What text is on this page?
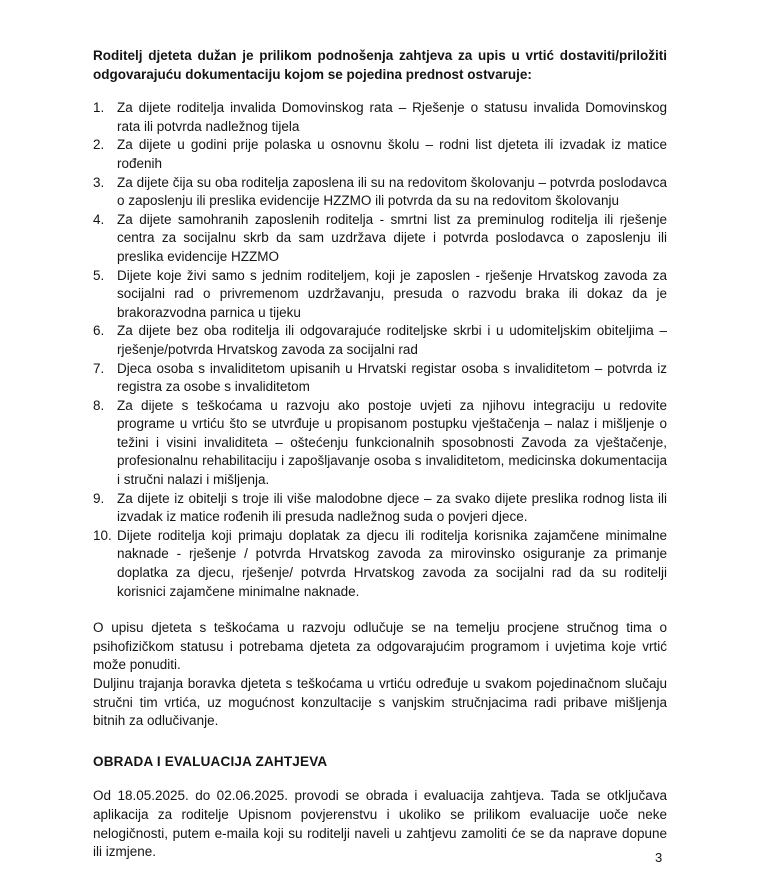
Roditelj djeteta dužan je prilikom podnošenja zahtjeva za upis u vrtić dostaviti/priložiti odgovarajuću dokumentaciju kojom se pojedina prednost ostvaruje:

1. Za dijete roditelja invalida Domovinskog rata – Rješenje o statusu invalida Domovinskog rata ili potvrda nadležnog tijela
2. Za dijete u godini prije polaska u osnovnu školu – rodni list djeteta ili izvadak iz matice rođenih
3. Za dijete čija su oba roditelja zaposlena ili su na redovitom školovanju – potvrda poslodavca o zaposlenju ili preslika evidencije HZZMO ili potvrda da su na redovitom školovanju
4. Za dijete samohranih zaposlenih roditelja - smrtni list za preminulog roditelja ili rješenje centra za socijalnu skrb da sam uzdržava dijete i potvrda poslodavca o zaposlenju ili preslika evidencije HZZMO
5. Dijete koje živi samo s jednim roditeljem, koji je zaposlen - rješenje Hrvatskog zavoda za socijalni rad o privremenom uzdržavanju, presuda o razvodu braka ili dokaz da je brakorazvodna parnica u tijeku
6. Za dijete bez oba roditelja ili odgovarajuće roditeljske skrbi i u udomiteljskim obiteljima – rješenje/potvrda Hrvatskog zavoda za socijalni rad
7. Djeca osoba s invaliditetom upisanih u Hrvatski registar osoba s invaliditetom – potvrda iz registra za osobe s invaliditetom
8. Za dijete s teškoćama u razvoju ako postoje uvjeti za njihovu integraciju u redovite programe u vrtiću što se utvrđuje u propisanom postupku vještačenja – nalaz i mišljenje o težini i visini invaliditeta – oštećenju funkcionalnih sposobnosti Zavoda za vještačenje, profesionalnu rehabilitaciju i zapošljavanje osoba s invaliditetom, medicinska dokumentacija i stručni nalazi i mišljenja.
9. Za dijete iz obitelji s troje ili više malodobne djece – za svako dijete preslika rodnog lista ili izvadak iz matice rođenih ili presuda nadležnog suda o povjeri djece.
10. Dijete roditelja koji primaju doplatak za djecu ili roditelja korisnika zajamčene minimalne naknade - rješenje / potvrda Hrvatskog zavoda za mirovinsko osiguranje za primanje doplatka za djecu, rješenje/ potvrda Hrvatskog zavoda za socijalni rad da su roditelji korisnici zajamčene minimalne naknade.

O upisu djeteta s teškoćama u razvoju odlučuje se na temelju procjene stručnog tima o psihofizičkom statusu i potrebama djeteta za odgovarajućim programom i uvjetima koje vrtić može ponuditi.

Duljinu trajanja boravka djeteta s teškoćama u vrtiću određuje u svakom pojedinačnom slučaju stručni tim vrtića, uz mogućnost konzultacije s vanjskim stručnjacima radi pribave mišljenja bitnih za odlučivanje.

OBRADA I EVALUACIJA ZAHTJEVA

Od 18.05.2025. do 02.06.2025. provodi se obrada i evaluacija zahtjeva. Tada se otključava aplikacija za roditelje Upisnom povjerenstvu i ukoliko se prilikom evaluacije uoče neke nelogičnosti, putem e-maila koji su roditelji naveli u zahtjevu zamoliti će se da naprave dopune ili izmjene.	3
